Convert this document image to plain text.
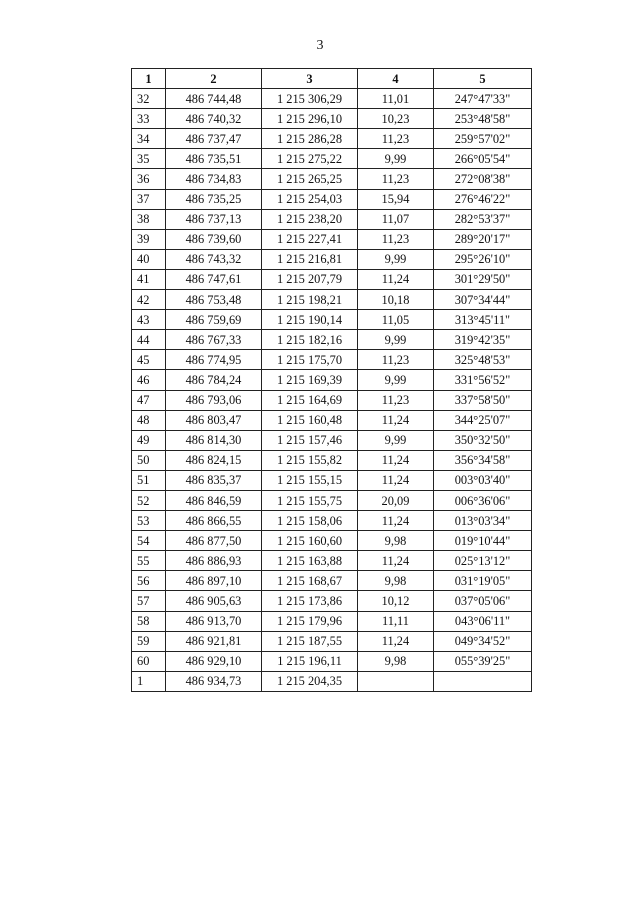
3
1	2	3	4	5
32	486 744,48	1 215 306,29	11,01	247°47'33"
33	486 740,32	1 215 296,10	10,23	253°48'58"
34	486 737,47	1 215 286,28	11,23	259°57'02"
35	486 735,51	1 215 275,22	9,99	266°05'54"
36	486 734,83	1 215 265,25	11,23	272°08'38"
37	486 735,25	1 215 254,03	15,94	276°46'22"
38	486 737,13	1 215 238,20	11,07	282°53'37"
39	486 739,60	1 215 227,41	11,23	289°20'17"
40	486 743,32	1 215 216,81	9,99	295°26'10"
41	486 747,61	1 215 207,79	11,24	301°29'50"
42	486 753,48	1 215 198,21	10,18	307°34'44"
43	486 759,69	1 215 190,14	11,05	313°45'11"
44	486 767,33	1 215 182,16	9,99	319°42'35"
45	486 774,95	1 215 175,70	11,23	325°48'53"
46	486 784,24	1 215 169,39	9,99	331°56'52"
47	486 793,06	1 215 164,69	11,23	337°58'50"
48	486 803,47	1 215 160,48	11,24	344°25'07"
49	486 814,30	1 215 157,46	9,99	350°32'50"
50	486 824,15	1 215 155,82	11,24	356°34'58"
51	486 835,37	1 215 155,15	11,24	003°03'40"
52	486 846,59	1 215 155,75	20,09	006°36'06"
53	486 866,55	1 215 158,06	11,24	013°03'34"
54	486 877,50	1 215 160,60	9,98	019°10'44"
55	486 886,93	1 215 163,88	11,24	025°13'12"
56	486 897,10	1 215 168,67	9,98	031°19'05"
57	486 905,63	1 215 173,86	10,12	037°05'06"
58	486 913,70	1 215 179,96	11,11	043°06'11"
59	486 921,81	1 215 187,55	11,24	049°34'52"
60	486 929,10	1 215 196,11	9,98	055°39'25"
1	486 934,73	1 215 204,35		
